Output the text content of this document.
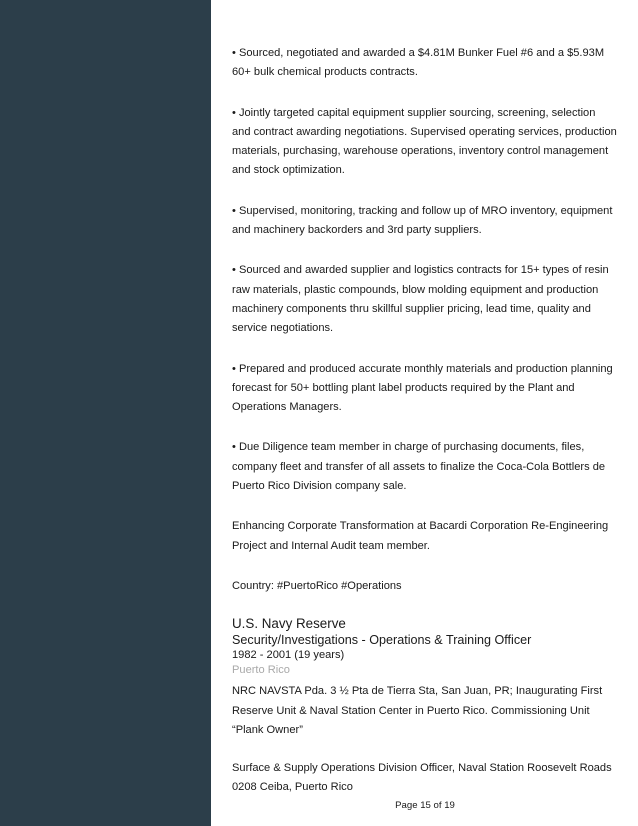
• Sourced, negotiated and awarded a $4.81M Bunker Fuel #6 and a $5.93M
60+ bulk chemical products contracts.

• Jointly targeted capital equipment supplier sourcing, screening, selection
and contract awarding negotiations. Supervised operating services, production
materials, purchasing, warehouse operations, inventory control management
and stock optimization.

• Supervised, monitoring, tracking and follow up of MRO inventory, equipment
and machinery backorders and 3rd party suppliers.

• Sourced and awarded supplier and logistics contracts for 15+ types of resin
raw materials, plastic compounds, blow molding equipment and production
machinery components thru skillful supplier pricing, lead time, quality and
service negotiations.

• Prepared and produced accurate monthly materials and production planning
forecast for 50+ bottling plant label products required by the Plant and
Operations Managers.

• Due Diligence team member in charge of purchasing documents, files,
company fleet and transfer of all assets to finalize the Coca-Cola Bottlers de
Puerto Rico Division company sale.

Enhancing Corporate Transformation at Bacardi Corporation Re-Engineering
Project and Internal Audit team member.

Country: #PuertoRico #Operations

U.S. Navy Reserve
Security/Investigations - Operations & Training Officer
1982 - 2001 (19 years)
Puerto Rico

NRC NAVSTA Pda. 3 ½ Pta de Tierra Sta, San Juan, PR; Inaugurating First
Reserve Unit & Naval Station Center in Puerto Rico. Commissioning Unit
“Plank Owner”

Surface & Supply Operations Division Officer, Naval Station Roosevelt Roads
0208 Ceiba, Puerto Rico

Page 15 of 19
